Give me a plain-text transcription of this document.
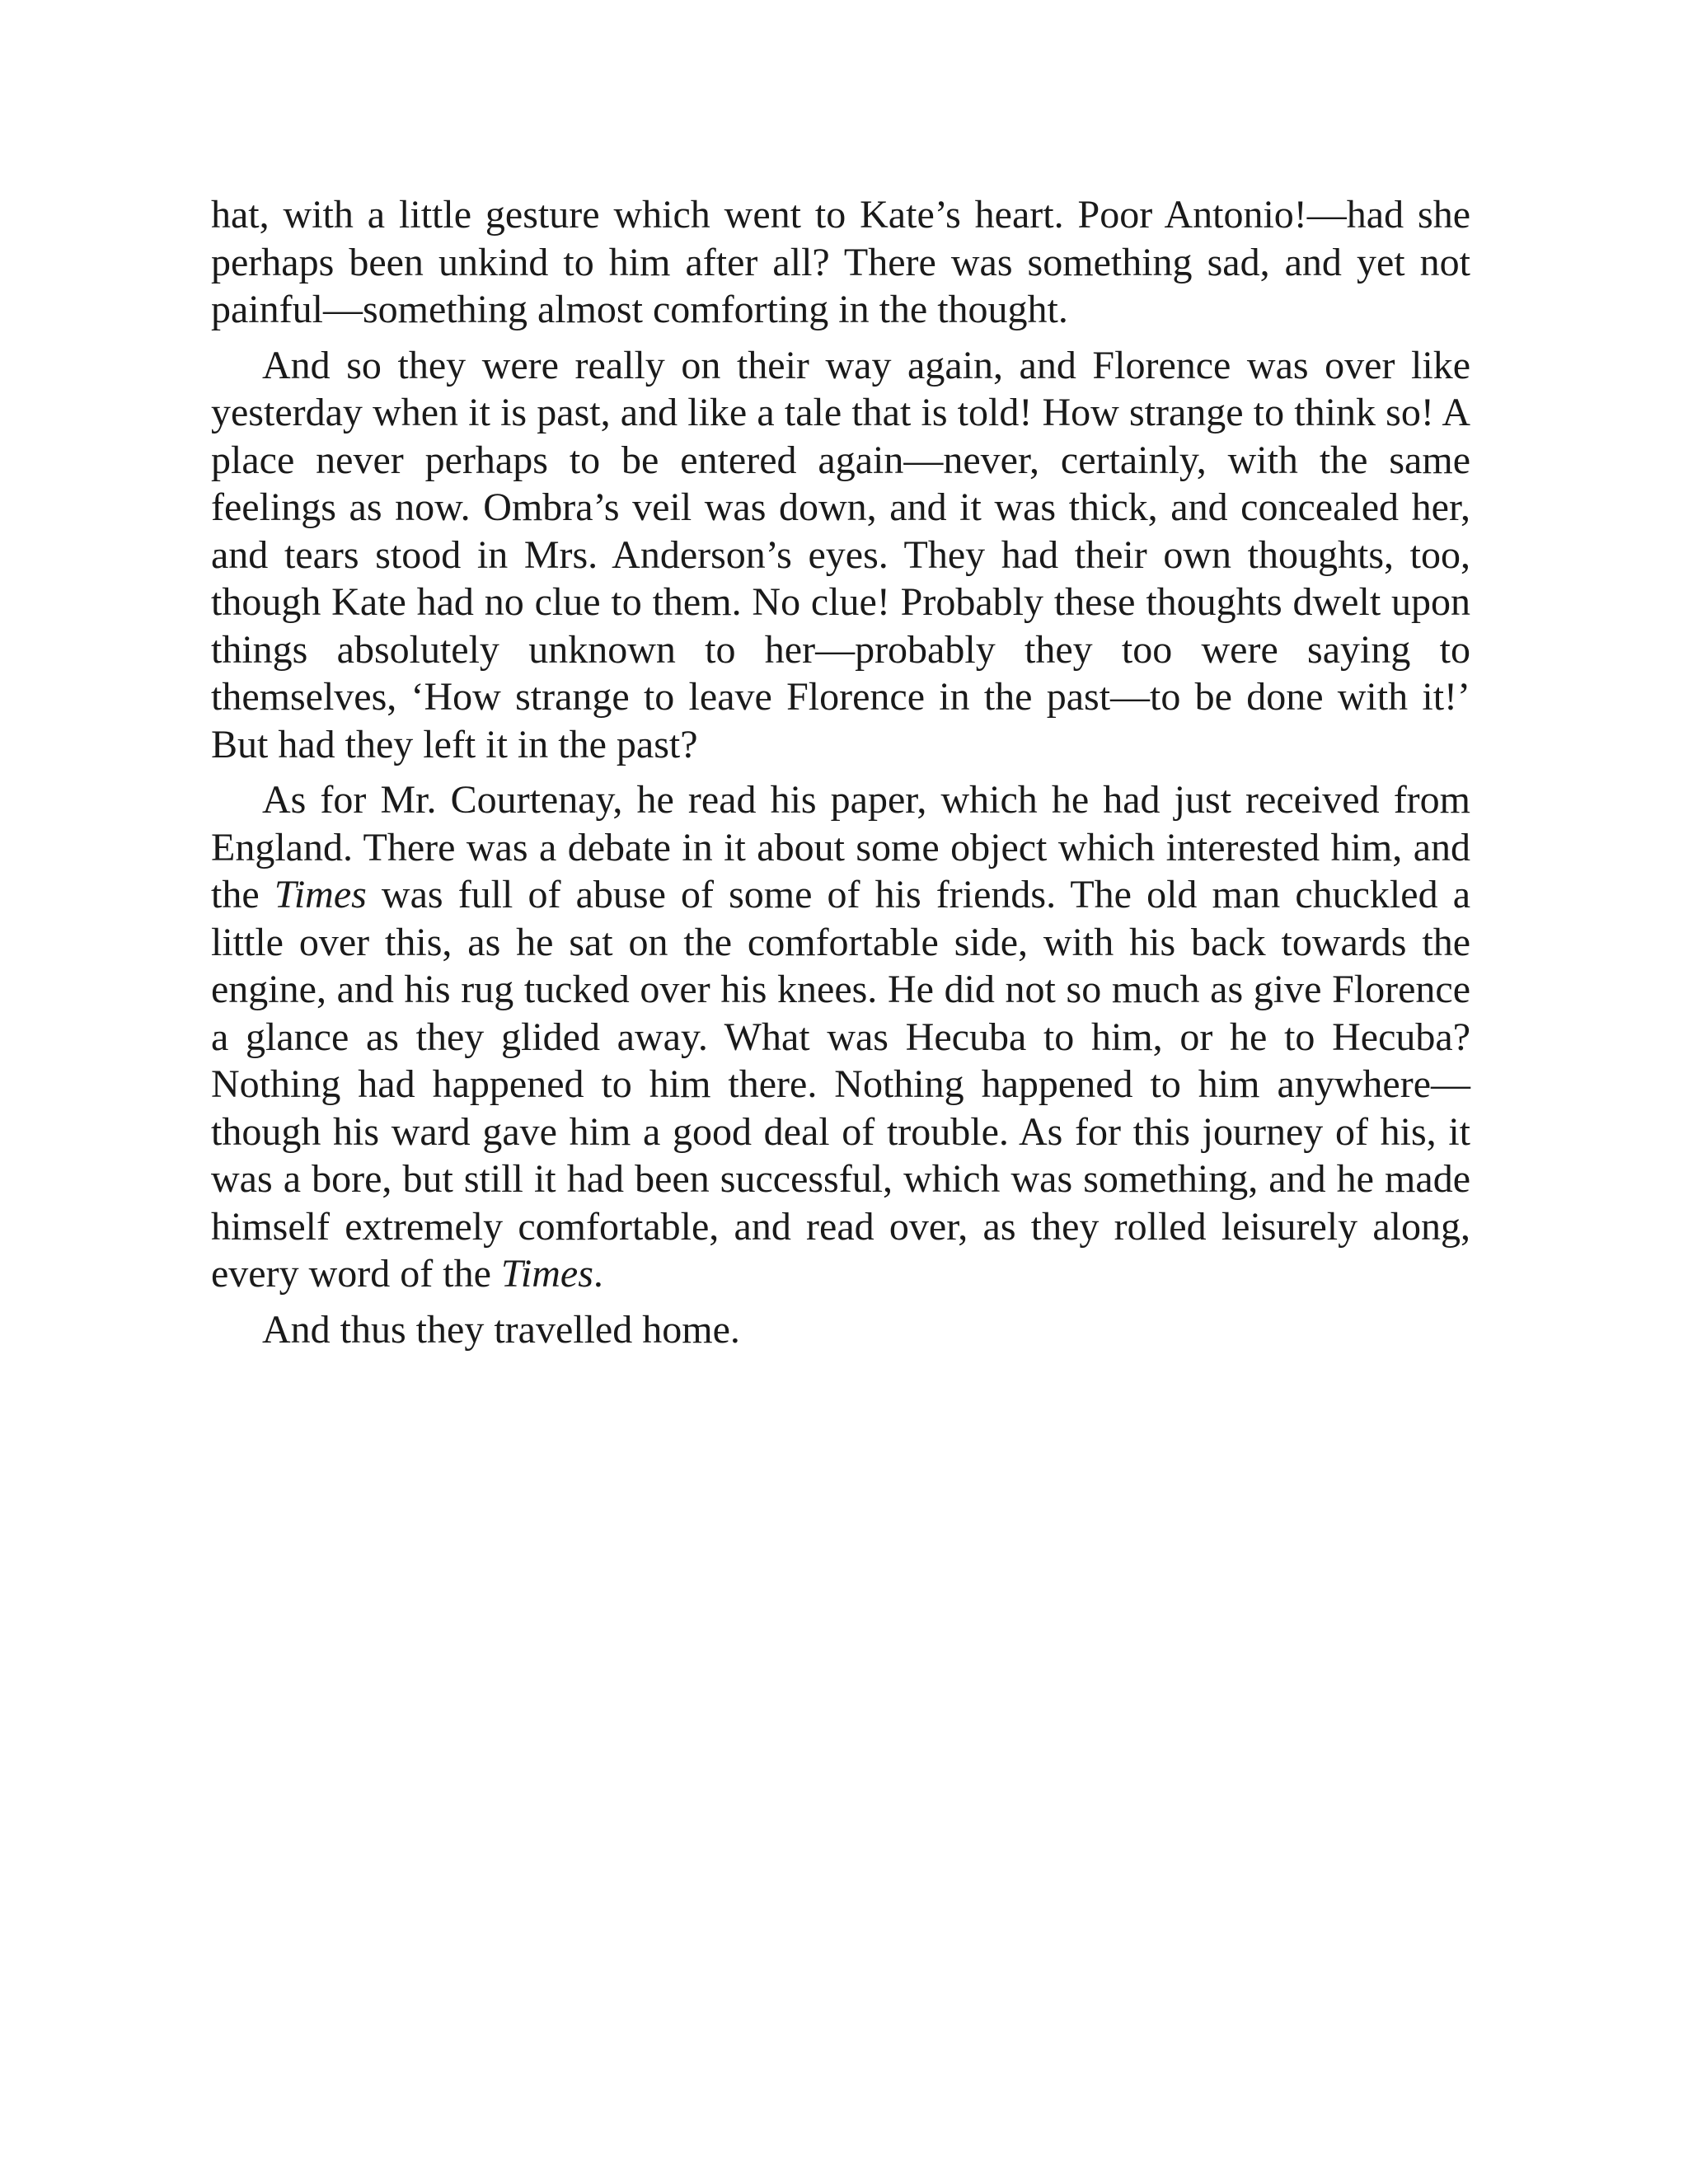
hat, with a little gesture which went to Kate’s heart. Poor Antonio!—had she perhaps been unkind to him after all? There was something sad, and yet not painful—something almost comforting in the thought.

And so they were really on their way again, and Florence was over like yesterday when it is past, and like a tale that is told! How strange to think so! A place never perhaps to be entered again—never, certainly, with the same feelings as now. Ombra’s veil was down, and it was thick, and concealed her, and tears stood in Mrs. Anderson’s eyes. They had their own thoughts, too, though Kate had no clue to them. No clue! Probably these thoughts dwelt upon things absolutely unknown to her—probably they too were saying to themselves, ‘How strange to leave Florence in the past—to be done with it!’ But had they left it in the past?

As for Mr. Courtenay, he read his paper, which he had just received from England. There was a debate in it about some object which interested him, and the Times was full of abuse of some of his friends. The old man chuckled a little over this, as he sat on the comfortable side, with his back towards the engine, and his rug tucked over his knees. He did not so much as give Florence a glance as they glided away. What was Hecuba to him, or he to Hecuba? Nothing had happened to him there. Nothing happened to him anywhere—though his ward gave him a good deal of trouble. As for this journey of his, it was a bore, but still it had been successful, which was something, and he made himself extremely comfortable, and read over, as they rolled leisurely along, every word of the Times.

And thus they travelled home.
